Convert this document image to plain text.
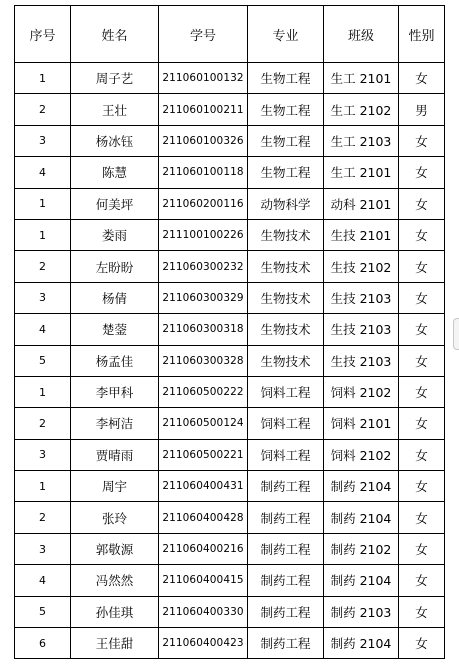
序号	姓名	学号	专业	班级	性别
1	周子艺	211060100132	生物工程	生工 2101	女
2	王壮	211060100211	生物工程	生工 2102	男
3	杨冰钰	211060100326	生物工程	生工 2103	女
4	陈慧	211060100118	生物工程	生工 2101	女
1	何美坪	211060200116	动物科学	动科 2101	女
1	娄雨	211100100226	生物技术	生技 2101	女
2	左盼盼	211060300232	生物技术	生技 2102	女
3	杨倩	211060300329	生物技术	生技 2103	女
4	楚蓥	211060300318	生物技术	生技 2103	女
5	杨孟佳	211060300328	生物技术	生技 2103	女
1	李甲科	211060500222	饲料工程	饲料 2102	女
2	李柯洁	211060500124	饲料工程	饲料 2101	女
3	贾晴雨	211060500221	饲料工程	饲料 2102	女
1	周宇	211060400431	制药工程	制药 2104	女
2	张玲	211060400428	制药工程	制药 2104	女
3	郭敬源	211060400216	制药工程	制药 2102	女
4	冯然然	211060400415	制药工程	制药 2104	女
5	孙佳琪	211060400330	制药工程	制药 2103	女
6	王佳甜	211060400423	制药工程	制药 2104	女
